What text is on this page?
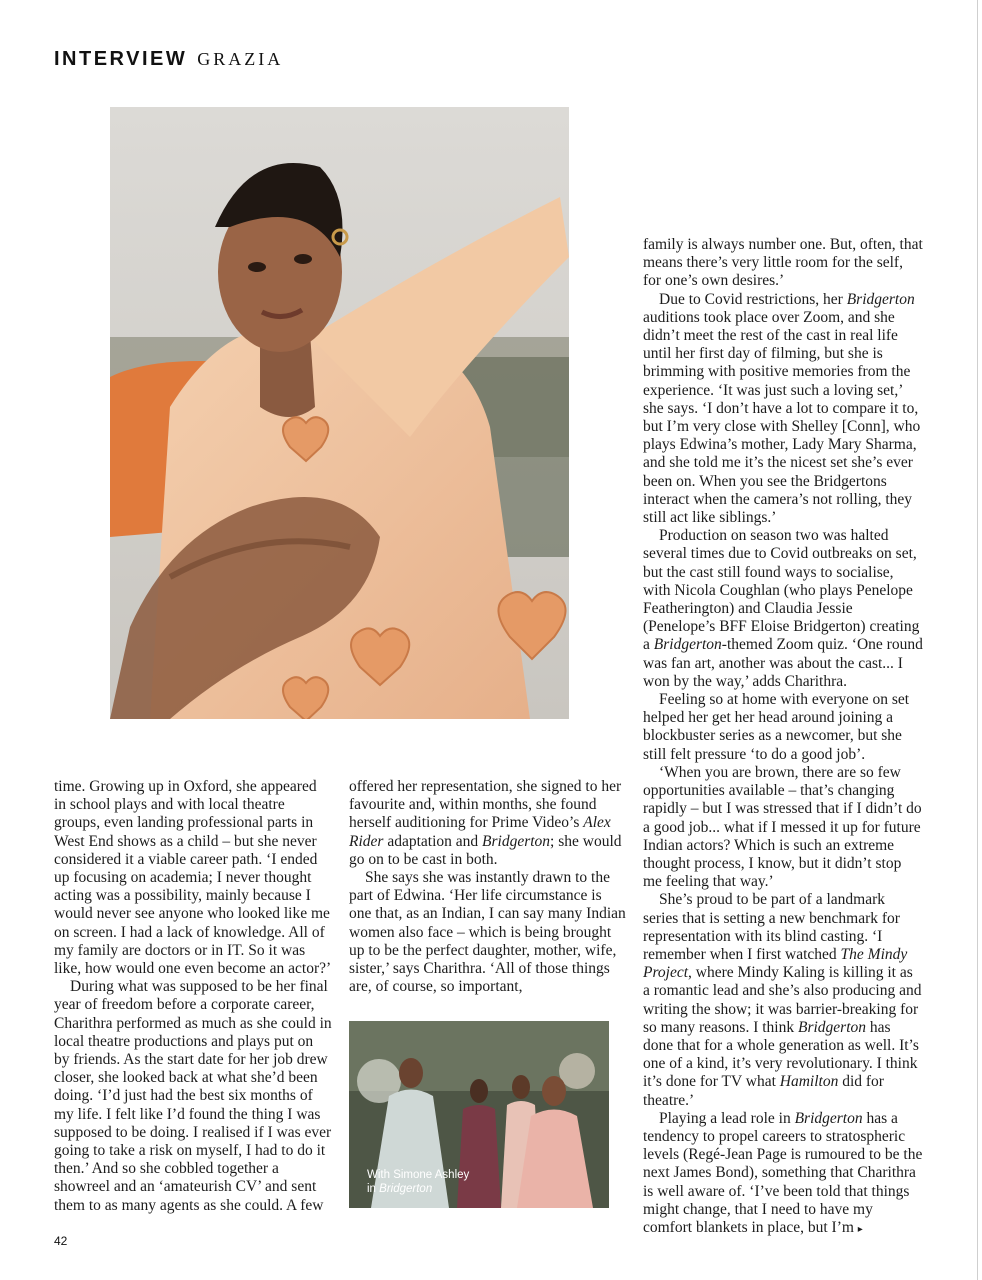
INTERVIEW GRAZIA

time. Growing up in Oxford, she appeared in school plays and with local theatre groups, even landing professional parts in West End shows as a child – but she never considered it a viable career path. ‘I ended up focusing on academia; I never thought acting was a possibility, mainly because I would never see anyone who looked like me on screen. I had a lack of knowledge. All of my family are doctors or in IT. So it was like, how would one even become an actor?’

During what was supposed to be her final year of freedom before a corporate career, Charithra performed as much as she could in local theatre productions and plays put on by friends. As the start date for her job drew closer, she looked back at what she’d been doing. ‘I’d just had the best six months of my life. I felt like I’d found the thing I was supposed to be doing. I realised if I was ever going to take a risk on myself, I had to do it then.’ And so she cobbled together a showreel and an ‘amateurish CV’ and sent them to as many agents as she could. A few

offered her representation, she signed to her favourite and, within months, she found herself auditioning for Prime Video’s Alex Rider adaptation and Bridgerton; she would go on to be cast in both.

She says she was instantly drawn to the part of Edwina. ‘Her life circumstance is one that, as an Indian, I can say many Indian women also face – which is being brought up to be the perfect daughter, mother, wife, sister,’ says Charithra. ‘All of those things are, of course, so important,

With Simone Ashley
in Bridgerton

family is always number one. But, often, that means there’s very little room for the self, for one’s own desires.’

Due to Covid restrictions, her Bridgerton auditions took place over Zoom, and she didn’t meet the rest of the cast in real life until her first day of filming, but she is brimming with positive memories from the experience. ‘It was just such a loving set,’ she says. ‘I don’t have a lot to compare it to, but I’m very close with Shelley [Conn], who plays Edwina’s mother, Lady Mary Sharma, and she told me it’s the nicest set she’s ever been on. When you see the Bridgertons interact when the camera’s not rolling, they still act like siblings.’

Production on season two was halted several times due to Covid outbreaks on set, but the cast still found ways to socialise, with Nicola Coughlan (who plays Penelope Featherington) and Claudia Jessie (Penelope’s BFF Eloise Bridgerton) creating a Bridgerton-themed Zoom quiz. ‘One round was fan art, another was about the cast... I won by the way,’ adds Charithra.

Feeling so at home with everyone on set helped her get her head around joining a blockbuster series as a newcomer, but she still felt pressure ‘to do a good job’.

‘When you are brown, there are so few opportunities available – that’s changing rapidly – but I was stressed that if I didn’t do a good job... what if I messed it up for future Indian actors? Which is such an extreme thought process, I know, but it didn’t stop me feeling that way.’

She’s proud to be part of a landmark series that is setting a new benchmark for representation with its blind casting. ‘I remember when I first watched The Mindy Project, where Mindy Kaling is killing it as a romantic lead and she’s also producing and writing the show; it was barrier-breaking for so many reasons. I think Bridgerton has done that for a whole generation as well. It’s one of a kind, it’s very revolutionary. I think it’s done for TV what Hamilton did for theatre.’

Playing a lead role in Bridgerton has a tendency to propel careers to stratospheric levels (Regé-Jean Page is rumoured to be the next James Bond), something that Charithra is well aware of. ‘I’ve been told that things might change, that I need to have my comfort blankets in place, but I’m ▸

42
